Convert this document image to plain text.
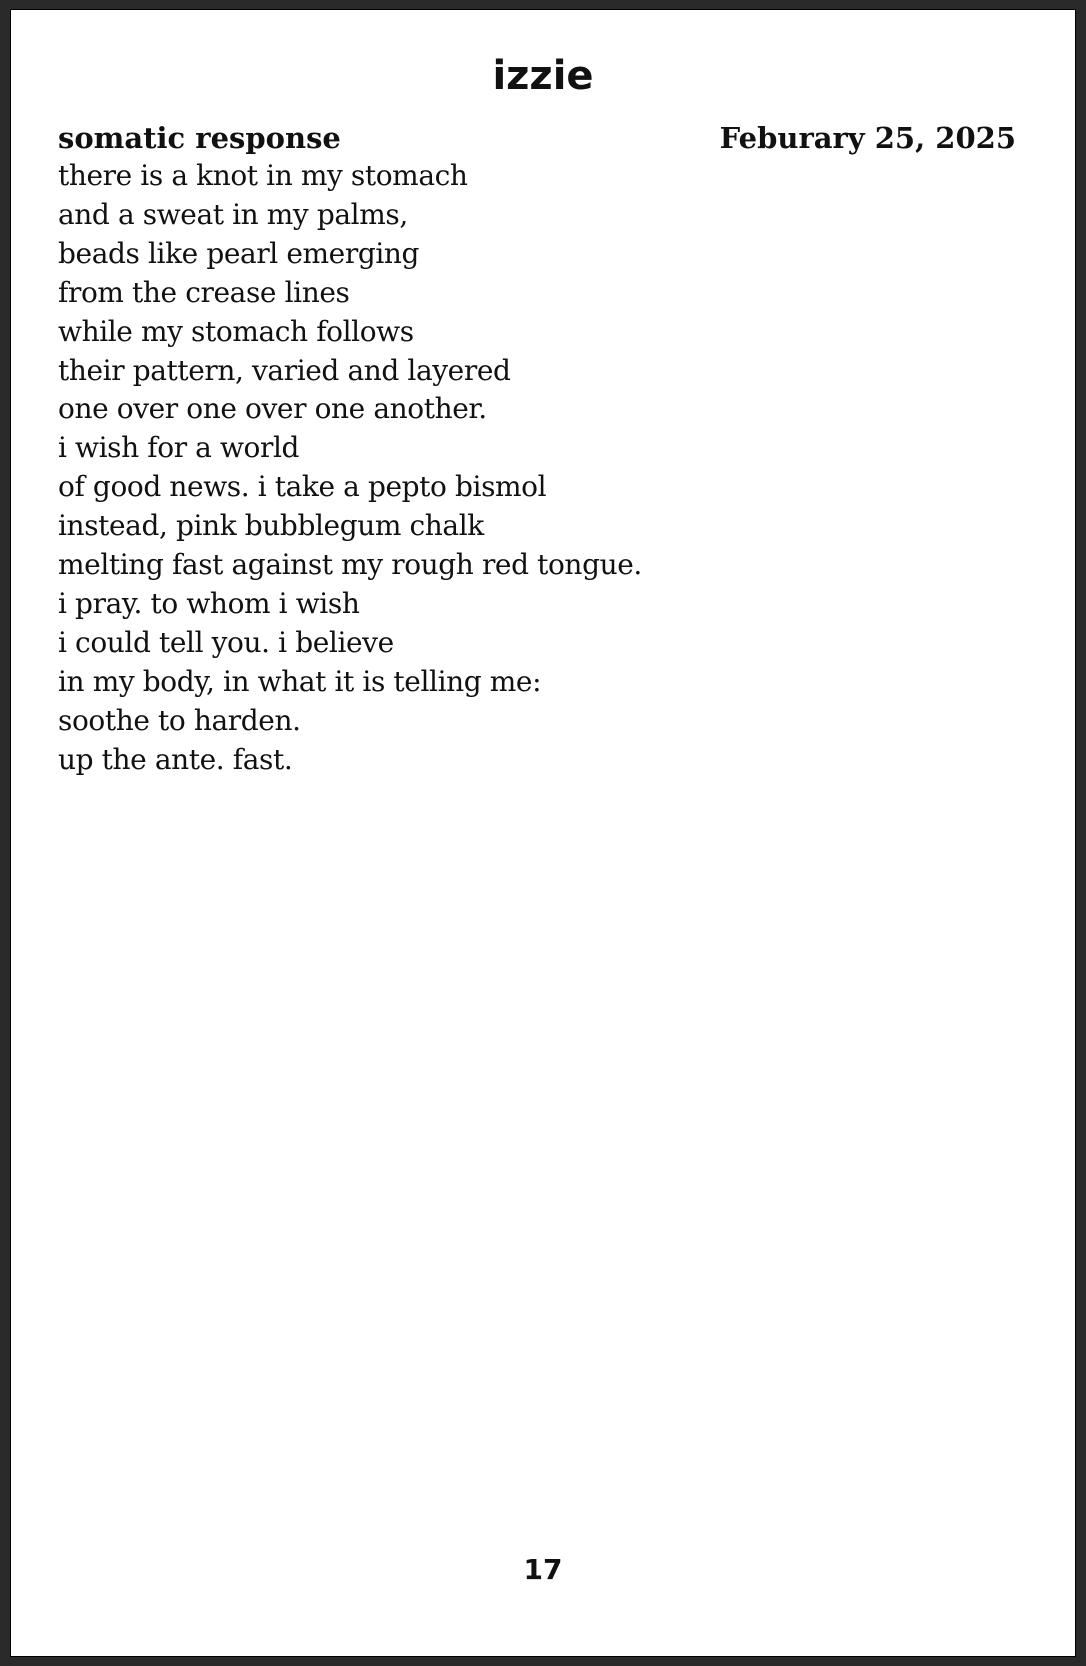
izzie
somatic response	Feburary 25, 2025
there is a knot in my stomach
and a sweat in my palms,
beads like pearl emerging
from the crease lines
while my stomach follows
their pattern, varied and layered
one over one over one another.
i wish for a world
of good news. i take a pepto bismol
instead, pink bubblegum chalk
melting fast against my rough red tongue.
i pray. to whom i wish
i could tell you. i believe
in my body, in what it is telling me:
soothe to harden.
up the ante. fast.
17
